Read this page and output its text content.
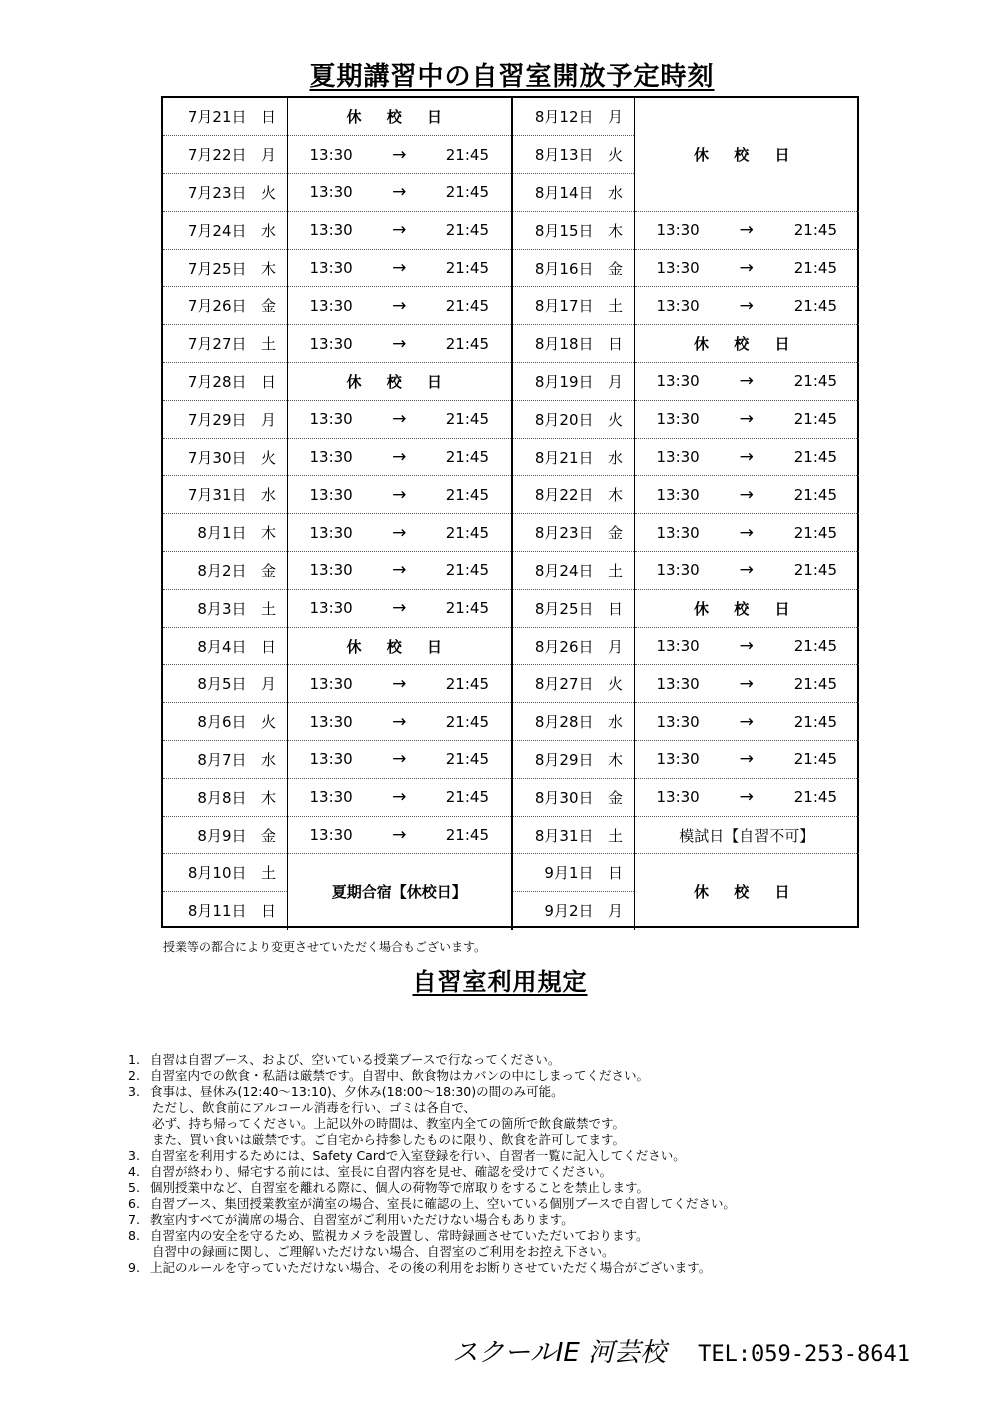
夏期講習中の自習室開放予定時刻
7月21日 日	休 校 日	8月12日 月	休 校 日

7月22日 月	13:30 → 21:45	8月13日 火	

7月23日 火	13:30 → 21:45	8月14日 水	

7月24日 水	13:30 → 21:45	8月15日 木	13:30 → 21:45

7月25日 木	13:30 → 21:45	8月16日 金	13:30 → 21:45

7月26日 金	13:30 → 21:45	8月17日 土	13:30 → 21:45

7月27日 土	13:30 → 21:45	8月18日 日	休 校 日

7月28日 日	休 校 日	8月19日 月	13:30 → 21:45

7月29日 月	13:30 → 21:45	8月20日 火	13:30 → 21:45

7月30日 火	13:30 → 21:45	8月21日 水	13:30 → 21:45

7月31日 水	13:30 → 21:45	8月22日 木	13:30 → 21:45

8月1日 木	13:30 → 21:45	8月23日 金	13:30 → 21:45

8月2日 金	13:30 → 21:45	8月24日 土	13:30 → 21:45

8月3日 土	13:30 → 21:45	8月25日 日	休 校 日

8月4日 日	休 校 日	8月26日 月	13:30 → 21:45

8月5日 月	13:30 → 21:45	8月27日 火	13:30 → 21:45

8月6日 火	13:30 → 21:45	8月28日 水	13:30 → 21:45

8月7日 水	13:30 → 21:45	8月29日 木	13:30 → 21:45

8月8日 木	13:30 → 21:45	8月30日 金	13:30 → 21:45

8月9日 金	13:30 → 21:45	8月31日 土	模試日【自習不可】

8月10日 土	夏期合宿【休校日】	9月1日 日	休 校 日

8月11日 日		9月2日 月	
授業等の都合により変更させていただく場合もございます。
自習室利用規定
1. 自習は自習ブース、および、空いている授業ブースで行なってください。
2. 自習室内での飲食・私語は厳禁です。自習中、飲食物はカバンの中にしまってください。
3. 食事は、昼休み(12:40～13:10)、夕休み(18:00～18:30)の間のみ可能。
ただし、飲食前にアルコール消毒を行い、ゴミは各自で、
必ず、持ち帰ってください。上記以外の時間は、教室内全ての箇所で飲食厳禁です。
また、買い食いは厳禁です。ご自宅から持参したものに限り、飲食を許可してます。
3. 自習室を利用するためには、Safety Cardで入室登録を行い、自習者一覧に記入してください。
4. 自習が終わり、帰宅する前には、室長に自習内容を見せ、確認を受けてください。
5. 個別授業中など、自習室を離れる際に、個人の荷物等で席取りをすることを禁止します。
6. 自習ブース、集団授業教室が満室の場合、室長に確認の上、空いている個別ブースで自習してください。
7. 教室内すべてが満席の場合、自習室がご利用いただけない場合もあります。
8. 自習室内の安全を守るため、監視カメラを設置し、常時録画させていただいております。
自習中の録画に関し、ご理解いただけない場合、自習室のご利用をお控え下さい。
9. 上記のルールを守っていただけない場合、その後の利用をお断りさせていただく場合がございます。
スクールIE 河芸校 TEL:059-253-8641
